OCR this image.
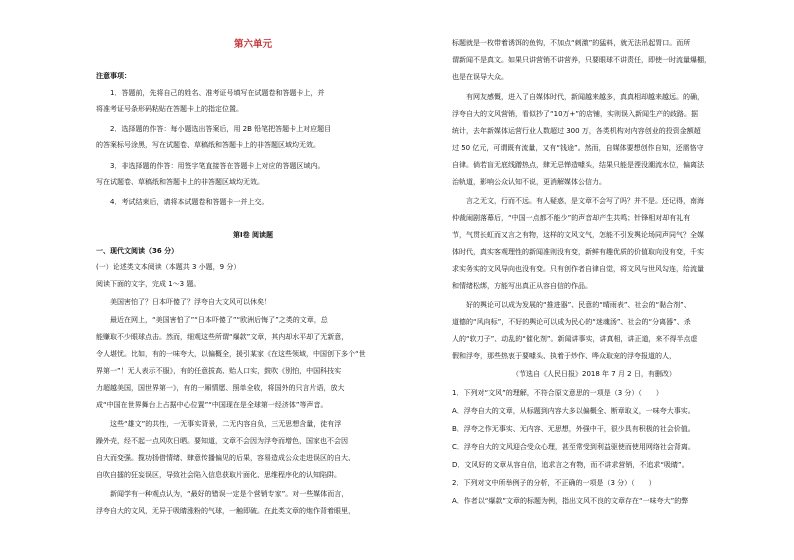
第六单元
注意事项：
1．答题前，先将自己的姓名、准考证号填写在试题卷和答题卡上，并
将准考证号条形码粘贴在答题卡上的指定位置。
2．选择题的作答：每小题选出答案后，用 2B 铅笔把答题卡上对应题目
的答案标号涂黑，写在试题卷、草稿纸和答题卡上的非答题区域均无效。
3．非选择题的作答：用签字笔直接答在答题卡上对应的答题区域内。
写在试题卷、草稿纸和答题卡上的非答题区域均无效。
4．考试结束后，请将本试题卷和答题卡一并上交。
第Ⅰ卷 阅读题
一、现代文阅读（36 分）
(一）论述类文本阅读（本题共 3 小题，9 分）
阅读下面的文字，完成 1～3 题。
美国害怕了？日本吓傻了？浮夸自大文风可以休矣！
最近在网上，“美国害怕了”“日本吓傻了”“欧洲后悔了”之类的文章，总
能赚取不少眼球点击。然而，细观这些所谓“爆款”文章，其内却水平却了无新意，
令人堪忧。比如，有的一味夸大，以偏概全，援引某家《在这些领域，中国创下多个“世
界第一”！无人表示不服》，有的任意拔高、贻人口实，鼓吹《别怕，中国科技实
力超越美国，国世界第一》，有的一厢情愿、照单全收，将国外的只言片语，放大
成“中国在世界舞台上占据中心位置”“中国现在是全球第一经济体”等声音。
这些“雄文”的共性，一无事实背景，二无内容自负，三无思想含量，徒有浮
躁外壳，经不起一点风吹日晒。要知道，文章不会因为浮夸而增色，国家也不会因
自大而变强。揽功扬借情绪、肆意传播偏见的后果，容易造成公众走进误区的自大、
自吹自擂的狂妄误区，导致社会陷入信息获取片面化、思维程序化的认知陷阱。
新闻学有一种观点认为，“最好的错误一定是个营销专家”。对一些媒体而言，
浮夸自大的文风，无异于吸睛涨粉的气球，一触即破。在此类文章的炮作背着眼里，
标题就是一枚带着诱饵的鱼钩，不加点“刺激”的猛料，就无法吊起胃口。而所
谓新闻不是真文。如果只讲营销不讲营养，只要眼球不讲责任，即使一时流量爆棚，
也是在误导大众。
有网友感慨，进入了自媒体时代，新闻越来越多，真真相却越来越远。的确，
浮夸自大的文风营销，看似抄了“10万+”的店铺，实则误入新闻生产的歧路。据
统计，去年新媒体运营行业人数超过 300 万，各类机构对内容创业的投资金额超
过 50 亿元，可谓既有流量，又有“钱途”。然而，自媒体要想创作自知，还需恪守
自律。倘若盲无底线蹭热点，肆无忌惮造噱头，结果只能是湮没潮流水位，偏离法
治轨道，影响公众认知不说，更消解媒体公信力。
言之无文，行而不远。有人疑惑，是文章不会写了吗？并不是。还记得，南海
仲裁闹剧落幕后，“中国一点都不能少”的声音却产生共鸣；针锋相对却有礼有
节，气贯长虹而又言之有物，这样的文风文气，怎能不引发舆论场同声同气？全媒
体时代，真实客观理性的新闻准则没有变，新鲜有趣优质的价值取向没有变，千实
求实务实的文风导向也没有变。只有创作者自律自觉，将文风与世风勾连，给流量
和情绪松绑，方能写出真正从容自信的作品。
好的舆论可以成为发展的“推进器”、民意的“晴雨表”、社会的“黏合剂”、
道德的“风向标”，不好的舆论可以成为民心的“迷魂汤”、社会的“分离器”、杀
人的“软刀子”、动乱的“催化剂”。新闻讲事实，讲真相，讲正道，来不得半点虚
假和浮夸，那些热衷于要噱头、执着于炒作、哗众取宠的浮夸报道的人，
（节选自《人民日报》2018 年 7 月 2 日，有删改）
1．下列对“文风”的理解，不符合原文意思的一项是（3 分）（　　）
A．浮夸自大的文章，从标题到内容大多以偏概全、断章取义，一味夸大事实。
B．浮夸之作无事实、无内容、无思想，外强中干，很少具有积极的社会价值。
C．浮夸自大的文风迎合受众心理，甚至常受到利益驱使而使用网络社会背离。
D．文风好的文章从容自信，追求言之有物，而不讲求营销，不追求“吸睛”。
2．下列对文中所举例子的分析，不正确的一项是（3 分）（　　）
A．作者以“爆款”文章的标题为例，指出文风不良的文章存在“一味夸大”的弊
